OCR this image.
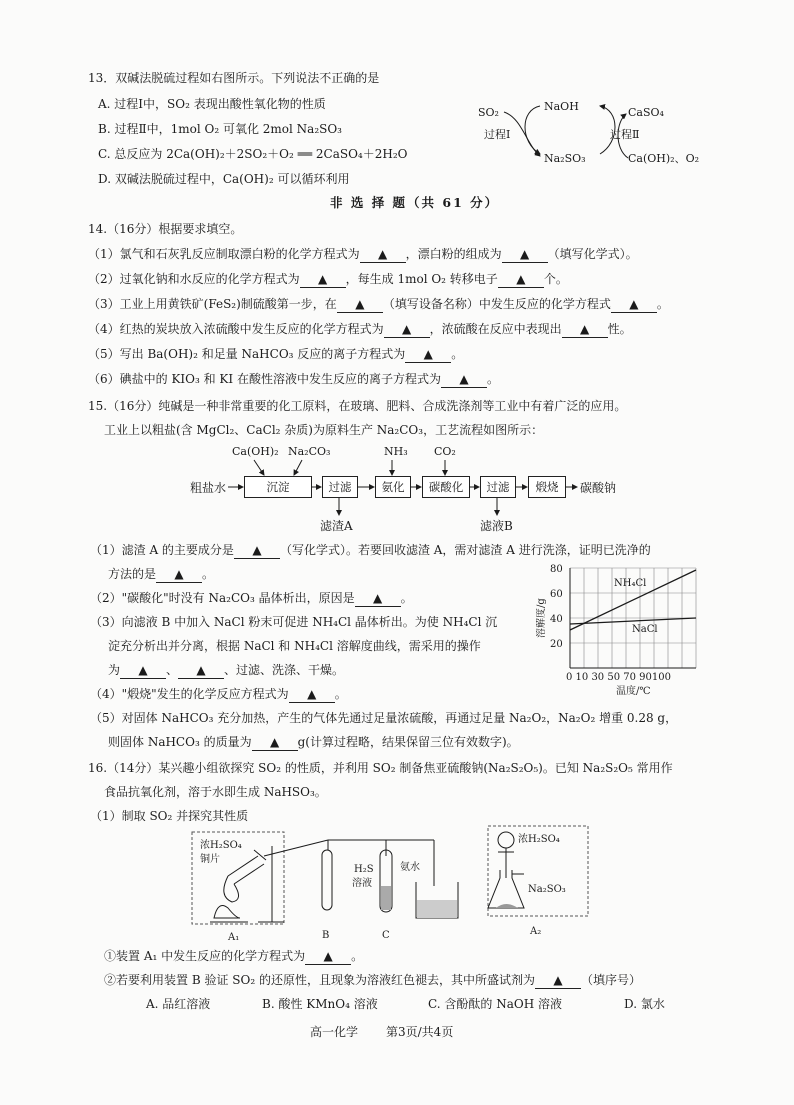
13．双碱法脱硫过程如右图所示。下列说法不正确的是
A. 过程Ⅰ中，SO₂ 表现出酸性氧化物的性质
B. 过程Ⅱ中，1mol O₂ 可氧化 2mol Na₂SO₃
C. 总反应为 2Ca(OH)₂＋2SO₂＋O₂ ══ 2CaSO₄＋2H₂O
D. 双碱法脱硫过程中，Ca(OH)₂ 可以循环利用
SO₂	NaOH	CaSO₄
过程Ⅰ	过程Ⅱ
Na₂SO₃	Ca(OH)₂、O₂
非 选 择 题（共 61 分）
14.（16分）根据要求填空。
（1）氯气和石灰乳反应制取漂白粉的化学方程式为 ▲ ，漂白粉的组成为 ▲ （填写化学式）。
（2）过氧化钠和水反应的化学方程式为 ▲ ，每生成 1mol O₂ 转移电子 ▲ 个。
（3）工业上用黄铁矿(FeS₂)制硫酸第一步，在 ▲ （填写设备名称）中发生反应的化学方程式 ▲ 。
（4）红热的炭块放入浓硫酸中发生反应的化学方程式为 ▲ ，浓硫酸在反应中表现出 ▲ 性。
（5）写出 Ba(OH)₂ 和足量 NaHCO₃ 反应的离子方程式为 ▲ 。
（6）碘盐中的 KIO₃ 和 KI 在酸性溶液中发生反应的离子方程式为 ▲ 。
15.（16分）纯碱是一种非常重要的化工原料，在玻璃、肥料、合成洗涤剂等工业中有着广泛的应用。
工业上以粗盐(含 MgCl₂、CaCl₂ 杂质)为原料生产 Na₂CO₃，工艺流程如图所示：
Ca(OH)₂ Na₂CO₃	NH₃ CO₂
粗盐水	沉淀	过滤	氨化	碳酸化	过滤	煅烧	碳酸钠
滤渣A	滤液B
（1）滤渣 A 的主要成分是 ▲ （写化学式）。若要回收滤渣 A，需对滤渣 A 进行洗涤，证明已洗净的
方法的是 ▲ 。
（2）"碳酸化"时没有 Na₂CO₃ 晶体析出，原因是 ▲ 。
（3）向滤液 B 中加入 NaCl 粉末可促进 NH₄Cl 晶体析出。为使 NH₄Cl 沉
淀充分析出并分离，根据 NaCl 和 NH₄Cl 溶解度曲线，需采用的操作
为 ▲ 、 ▲ 、过滤、洗涤、干燥。
（4）"煅烧"发生的化学反应方程式为 ▲ 。
（5）对固体 NaHCO₃ 充分加热，产生的气体先通过足量浓硫酸，再通过足量 Na₂O₂，Na₂O₂ 增重 0.28 g，
则固体 NaHCO₃ 的质量为 ▲ g(计算过程略，结果保留三位有效数字)。
80
60
40
20
0 10 30 50 70 90100
温度/℃
NH₄Cl
NaCl
溶解度/g
16.（14分）某兴趣小组欲探究 SO₂ 的性质，并利用 SO₂ 制备焦亚硫酸钠(Na₂S₂O₅)。已知 Na₂S₂O₅ 常用作
食品抗氧化剂，溶于水即生成 NaHSO₃。
（1）制取 SO₂ 并探究其性质
浓H₂SO₄
铜片
H₂S
溶液
氨水
A₁	B	C
浓H₂SO₄
Na₂SO₃
A₂
①装置 A₁ 中发生反应的化学方程式为 ▲ 。
②若要利用装置 B 验证 SO₂ 的还原性，且现象为溶液红色褪去，其中所盛试剂为 ▲ （填序号）
A. 品红溶液	B. 酸性 KMnO₄ 溶液	C. 含酚酞的 NaOH 溶液	D. 氯水
高一化学 第3页/共4页
